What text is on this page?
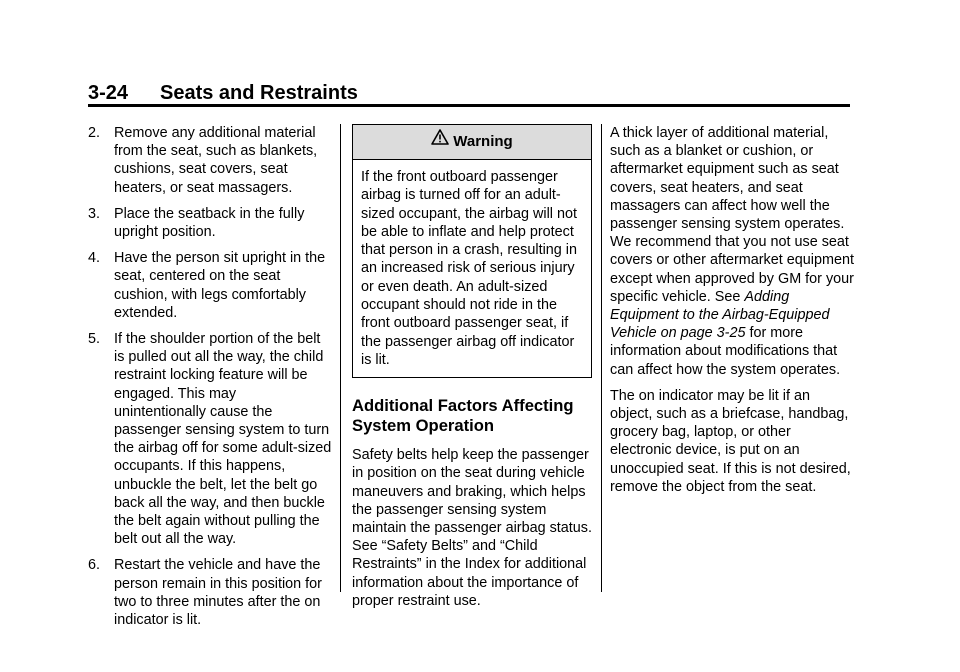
3-24 Seats and Restraints
2. Remove any additional material from the seat, such as blankets, cushions, seat covers, seat heaters, or seat massagers.
3. Place the seatback in the fully upright position.
4. Have the person sit upright in the seat, centered on the seat cushion, with legs comfortably extended.
5. If the shoulder portion of the belt is pulled out all the way, the child restraint locking feature will be engaged. This may unintentionally cause the passenger sensing system to turn the airbag off for some adult-sized occupants. If this happens, unbuckle the belt, let the belt go back all the way, and then buckle the belt again without pulling the belt out all the way.
6. Restart the vehicle and have the person remain in this position for two to three minutes after the on indicator is lit.
Warning
If the front outboard passenger airbag is turned off for an adult-sized occupant, the airbag will not be able to inflate and help protect that person in a crash, resulting in an increased risk of serious injury or even death. An adult-sized occupant should not ride in the front outboard passenger seat, if the passenger airbag off indicator is lit.
Additional Factors Affecting System Operation

Safety belts help keep the passenger in position on the seat during vehicle maneuvers and braking, which helps the passenger sensing system maintain the passenger airbag status. See “Safety Belts” and “Child Restraints” in the Index for additional information about the importance of proper restraint use.

A thick layer of additional material, such as a blanket or cushion, or aftermarket equipment such as seat covers, seat heaters, and seat massagers can affect how well the passenger sensing system operates. We recommend that you not use seat covers or other aftermarket equipment except when approved by GM for your specific vehicle. See Adding Equipment to the Airbag-Equipped Vehicle on page 3-25 for more information about modifications that can affect how the system operates.

The on indicator may be lit if an object, such as a briefcase, handbag, grocery bag, laptop, or other electronic device, is put on an unoccupied seat. If this is not desired, remove the object from the seat.
